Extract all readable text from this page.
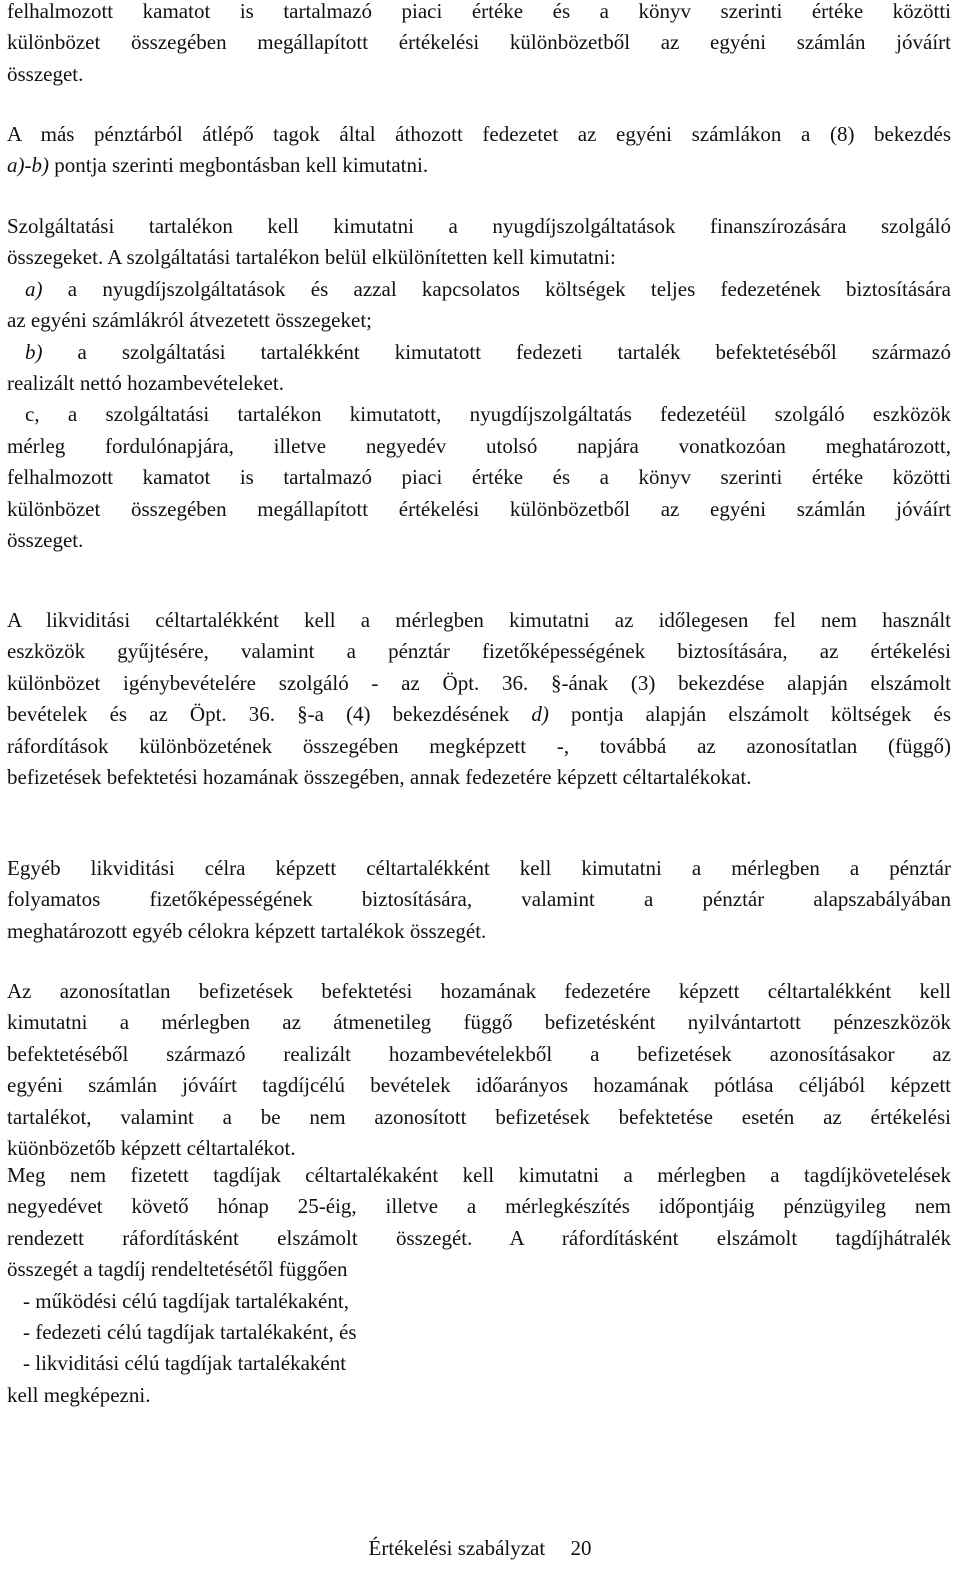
felhalmozott kamatot is tartalmazó piaci értéke és a könyv szerinti értéke közötti
különbözet összegében megállapított értékelési különbözetből az egyéni számlán jóváírt
összeget.
A más pénztárból átlépő tagok által áthozott fedezetet az egyéni számlákon a (8) bekezdés
a)-b) pontja szerinti megbontásban kell kimutatni.
Szolgáltatási tartalékon kell kimutatni a nyugdíjszolgáltatások finanszírozására szolgáló
összegeket. A szolgáltatási tartalékon belül elkülönítetten kell kimutatni:
a) a nyugdíjszolgáltatások és azzal kapcsolatos költségek teljes fedezetének biztosítására
az egyéni számlákról átvezetett összegeket;
b) a szolgáltatási tartalékként kimutatott fedezeti tartalék befektetéséből származó
realizált nettó hozambevételeket.
c, a szolgáltatási tartalékon kimutatott, nyugdíjszolgáltatás fedezetéül szolgáló eszközök
mérleg fordulónapjára, illetve negyedév utolsó napjára vonatkozóan meghatározott,
felhalmozott kamatot is tartalmazó piaci értéke és a könyv szerinti értéke közötti
különbözet összegében megállapított értékelési különbözetből az egyéni számlán jóváírt
összeget.
A likviditási céltartalékként kell a mérlegben kimutatni az időlegesen fel nem használt
eszközök gyűjtésére, valamint a pénztár fizetőképességének biztosítására, az értékelési
különbözet igénybevételére szolgáló - az Öpt. 36. §-ának (3) bekezdése alapján elszámolt
bevételek és az Öpt. 36. §-a (4) bekezdésének d) pontja alapján elszámolt költségek és
ráfordítások különbözetének összegében megképzett -, továbbá az azonosítatlan (függő)
befizetések befektetési hozamának összegében, annak fedezetére képzett céltartalékokat.
Egyéb likviditási célra képzett céltartalékként kell kimutatni a mérlegben a pénztár
folyamatos fizetőképességének biztosítására, valamint a pénztár alapszabályában
meghatározott egyéb célokra képzett tartalékok összegét.
Az azonosítatlan befizetések befektetési hozamának fedezetére képzett céltartalékként kell
kimutatni a mérlegben az átmenetileg függő befizetésként nyilvántartott pénzeszközök
befektetéséből származó realizált hozambevételekből a befizetések azonosításakor az
egyéni számlán jóváírt tagdíjcélú bevételek időarányos hozamának pótlása céljából képzett
tartalékot, valamint a be nem azonosított befizetések befektetése esetén az értékelési
küönbözetőb képzett céltartalékot.
Meg nem fizetett tagdíjak céltartalékaként kell kimutatni a mérlegben a tagdíjkövetelések
negyedévet követő hónap 25-éig, illetve a mérlegkészítés időpontjáig pénzügyileg nem
rendezett ráfordításként elszámolt összegét. A ráfordításként elszámolt tagdíjhátralék
összegét a tagdíj rendeltetésétől függően
- működési célú tagdíjak tartalékaként,
- fedezeti célú tagdíjak tartalékaként, és
- likviditási célú tagdíjak tartalékaként
kell megképezni.
Értékelési szabályzat 20
